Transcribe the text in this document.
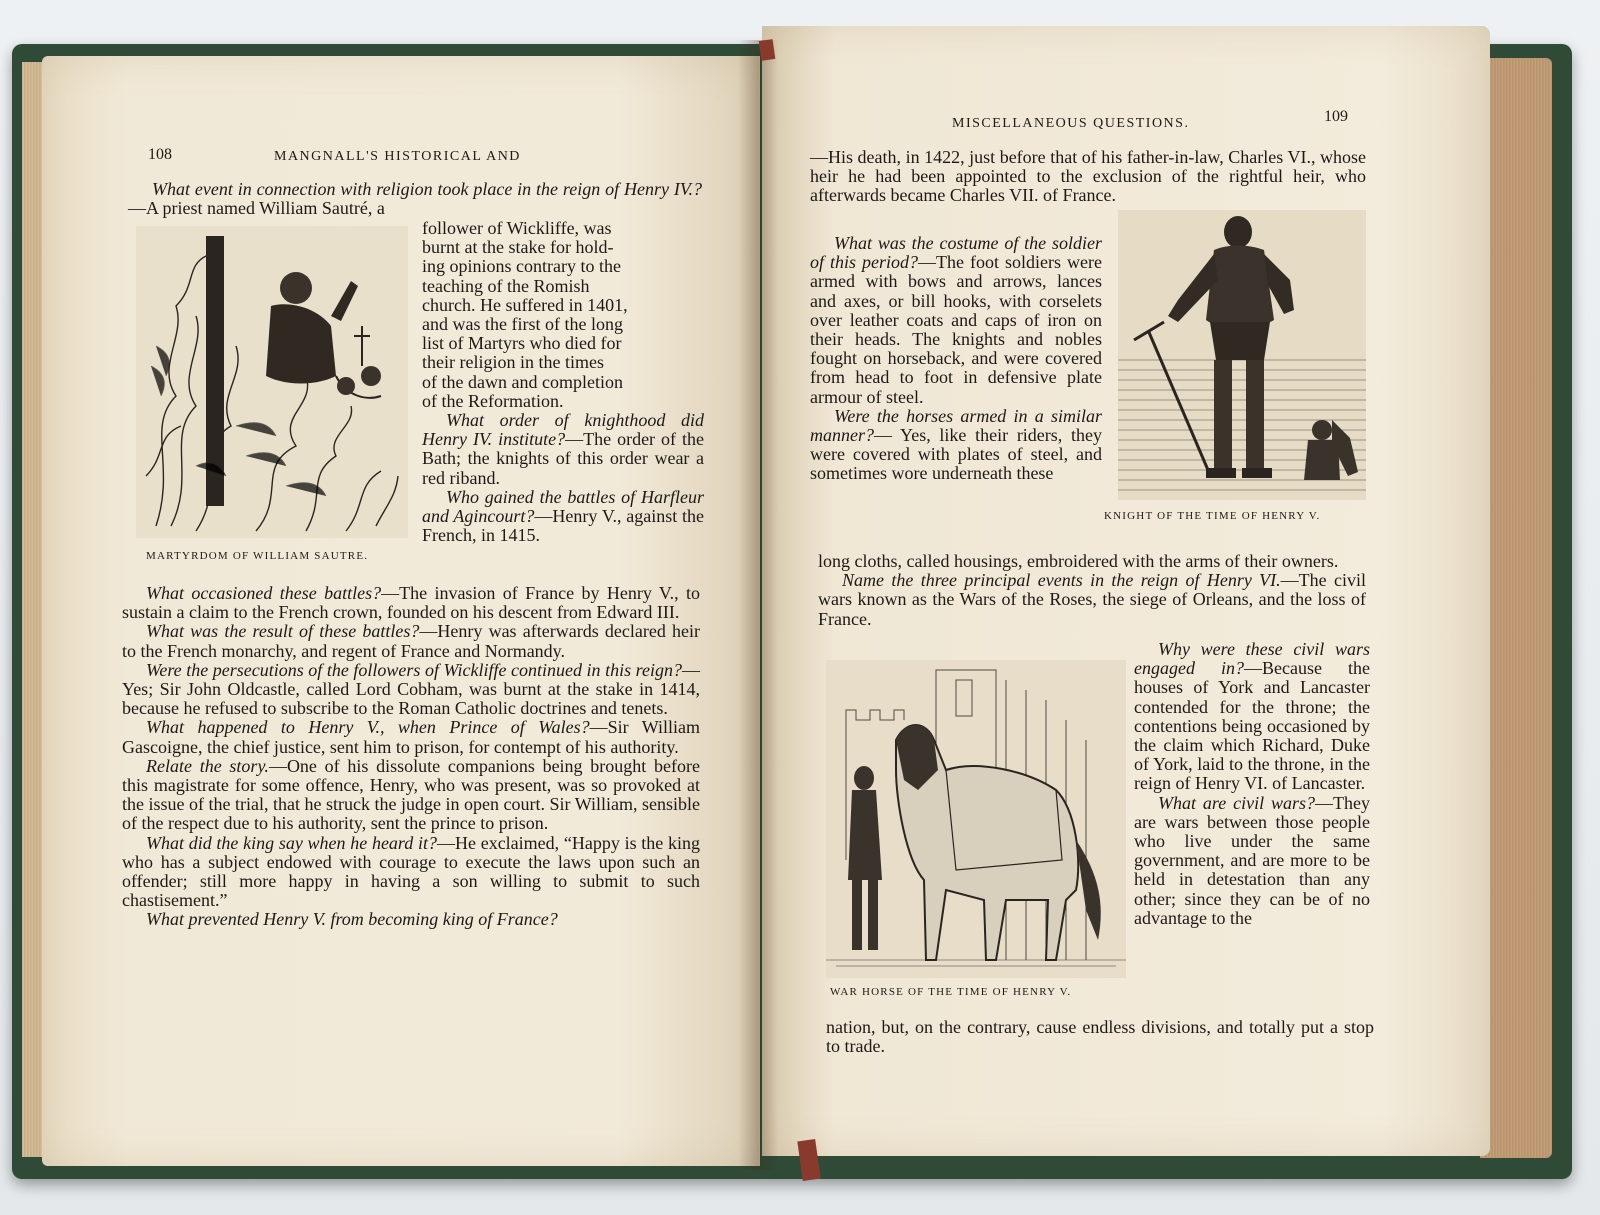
108	MANGNALL'S HISTORICAL AND

What event in connection with religion took place in the reign of Henry IV.?—A priest named William Sautré, a

MARTYRDOM OF WILLIAM SAUTRE.
follower of Wickliffe, was
burnt at the stake for hold-
ing opinions contrary to the
teaching of the Romish
church. He suffered in 1401,
and was the first of the long
list of Martyrs who died for
their religion in the times
of the dawn and completion
of the Reformation.

What order of knighthood did Henry IV. institute?—The order of the Bath; the knights of this order wear a red riband.

Who gained the battles of Harfleur and Agincourt?—Henry V., against the French, in 1415.

What occasioned these battles?—The invasion of France by Henry V., to sustain a claim to the French crown, founded on his descent from Edward III.

What was the result of these battles?—Henry was afterwards declared heir to the French monarchy, and regent of France and Normandy.

Were the persecutions of the followers of Wickliffe continued in this reign?—Yes; Sir John Oldcastle, called Lord Cobham, was burnt at the stake in 1414, because he refused to subscribe to the Roman Catholic doctrines and tenets.

What happened to Henry V., when Prince of Wales?—Sir William Gascoigne, the chief justice, sent him to prison, for contempt of his authority.

Relate the story.—One of his dissolute companions being brought before this magistrate for some offence, Henry, who was present, was so provoked at the issue of the trial, that he struck the judge in open court. Sir William, sensible of the respect due to his authority, sent the prince to prison.

What did the king say when he heard it?—He exclaimed, “Happy is the king who has a subject endowed with courage to execute the laws upon such an offender; still more happy in having a son willing to submit to such chastisement.”

What prevented Henry V. from becoming king of France?

MISCELLANEOUS QUESTIONS.	109

—His death, in 1422, just before that of his father-in-law, Charles VI., whose heir he had been appointed to the exclusion of the rightful heir, who afterwards became Charles VII. of France.

KNIGHT OF THE TIME OF HENRY V.

What was the costume of the soldier of this period?—The foot soldiers were armed with bows and arrows, lances and axes, or bill hooks, with corselets over leather coats and caps of iron on their heads. The knights and nobles fought on horseback, and were covered from head to foot in defensive plate armour of steel.

Were the horses armed in a similar manner?— Yes, like their riders, they were covered with plates of steel, and sometimes wore underneath these

long cloths, called housings, embroidered with the arms of their owners.

Name the three principal events in the reign of Henry VI.—The civil wars known as the Wars of the Roses, the siege of Orleans, and the loss of France.

WAR HORSE OF THE TIME OF HENRY V.

Why were these civil wars engaged in?—Because the houses of York and Lancaster contended for the throne; the contentions being occasioned by the claim which Richard, Duke of York, laid to the throne, in the reign of Henry VI. of Lancaster.

What are civil wars?—They are wars between those people who live under the same government, and are more to be held in detestation than any other; since they can be of no advantage to the

nation, but, on the contrary, cause endless divisions, and totally put a stop to trade.
